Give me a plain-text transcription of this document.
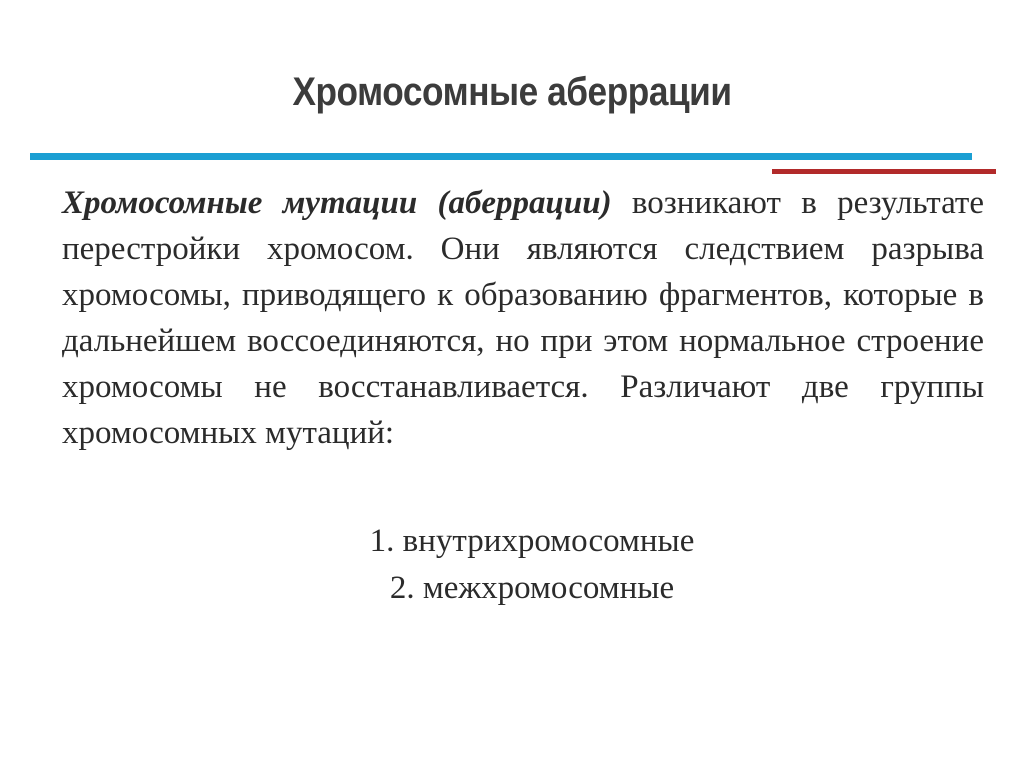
Хромосомные аберрации
Хромосомные мутации (аберрации) возникают в результате перестройки хромосом. Они являются следствием разрыва хромосомы, приводящего к образованию фрагментов, которые в дальнейшем воссоединяются, но при этом нормальное строение хромосомы не восстанавливается. Различают две группы хромосомных мутаций:
1. внутрихромосомные
2. межхромосомные
